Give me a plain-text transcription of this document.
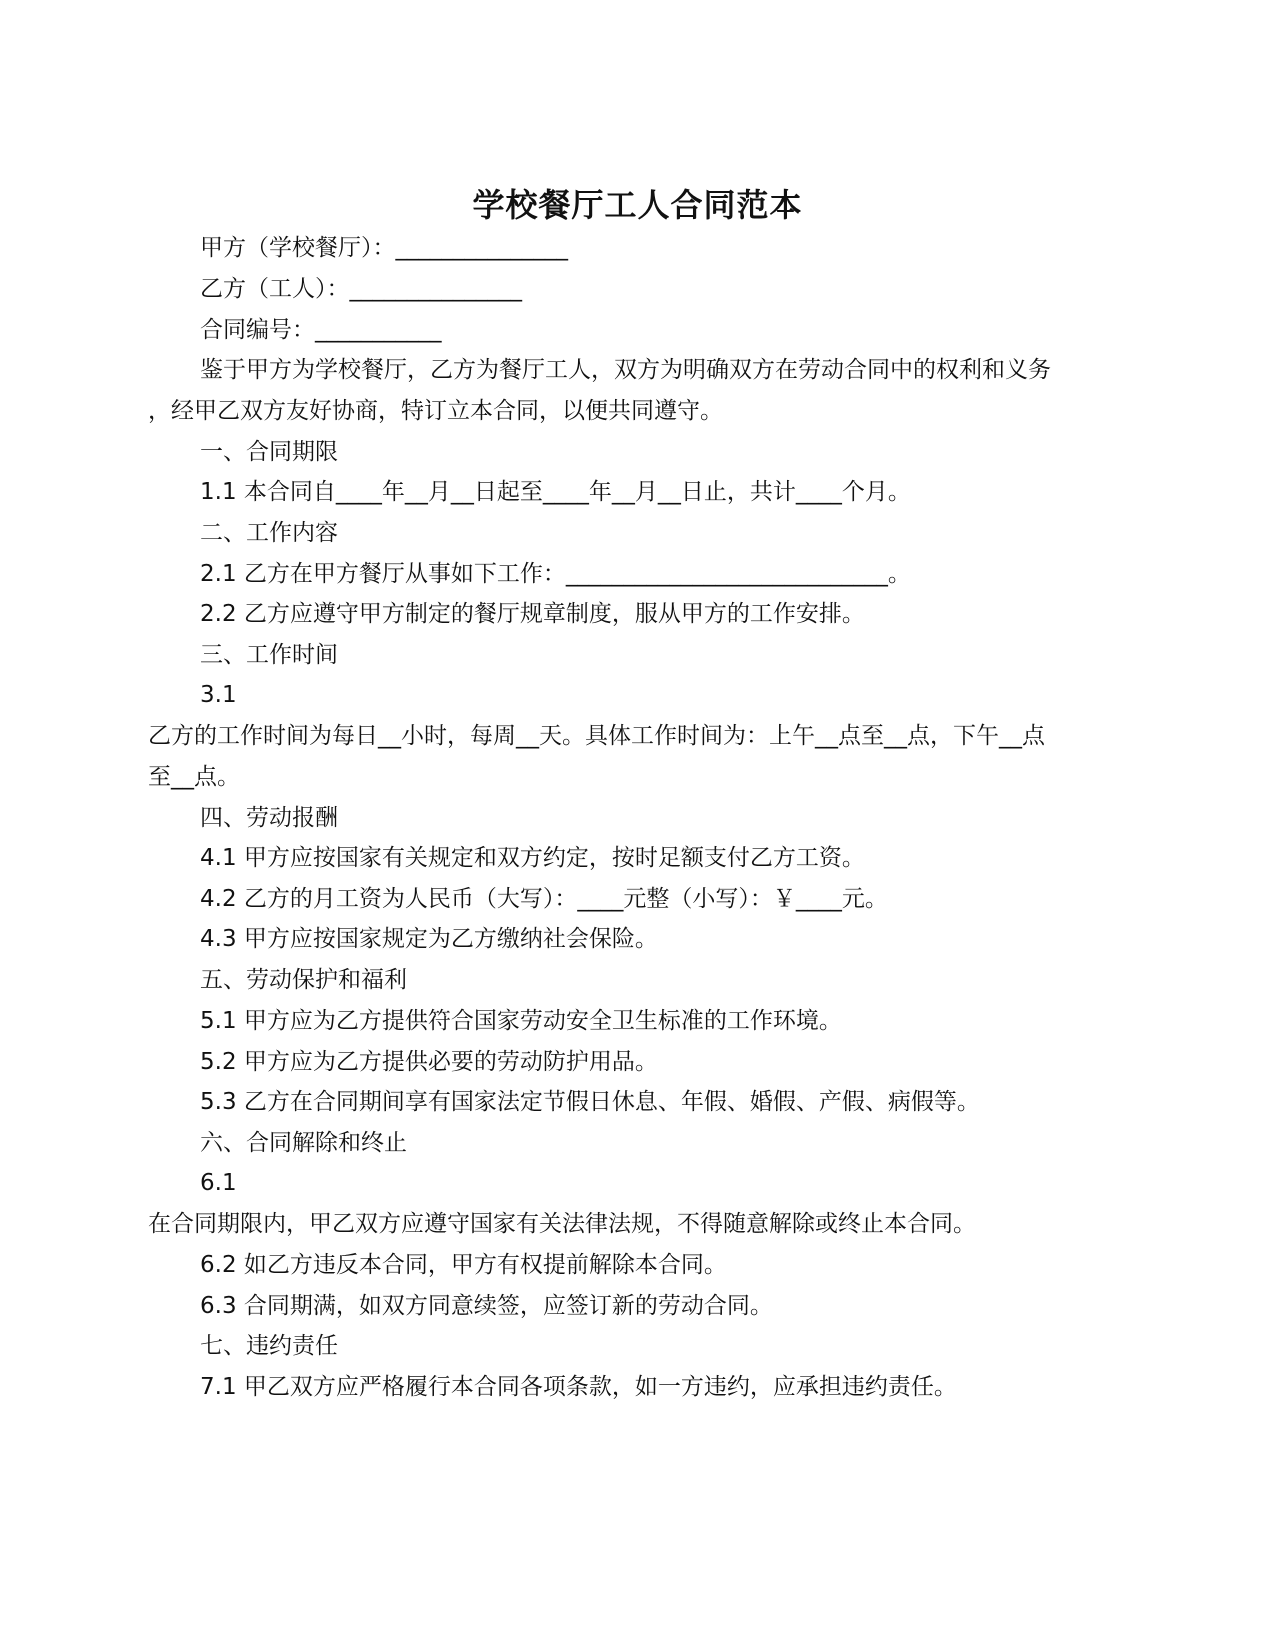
学校餐厅工人合同范本
甲方（学校餐厅）：_______________
乙方（工人）：_______________
合同编号：___________
鉴于甲方为学校餐厅，乙方为餐厅工人，双方为明确双方在劳动合同中的权利和义务
，经甲乙双方友好协商，特订立本合同，以便共同遵守。
一、合同期限
1.1 本合同自____年__月__日起至____年__月__日止，共计____个月。
二、工作内容
2.1 乙方在甲方餐厅从事如下工作：____________________________。
2.2 乙方应遵守甲方制定的餐厅规章制度，服从甲方的工作安排。
三、工作时间
3.1
乙方的工作时间为每日__小时，每周__天。具体工作时间为：上午__点至__点，下午__点
至__点。
四、劳动报酬
4.1 甲方应按国家有关规定和双方约定，按时足额支付乙方工资。
4.2 乙方的月工资为人民币（大写）：____元整（小写）：￥____元。
4.3 甲方应按国家规定为乙方缴纳社会保险。
五、劳动保护和福利
5.1 甲方应为乙方提供符合国家劳动安全卫生标准的工作环境。
5.2 甲方应为乙方提供必要的劳动防护用品。
5.3 乙方在合同期间享有国家法定节假日休息、年假、婚假、产假、病假等。
六、合同解除和终止
6.1
在合同期限内，甲乙双方应遵守国家有关法律法规，不得随意解除或终止本合同。
6.2 如乙方违反本合同，甲方有权提前解除本合同。
6.3 合同期满，如双方同意续签，应签订新的劳动合同。
七、违约责任
7.1 甲乙双方应严格履行本合同各项条款，如一方违约，应承担违约责任。
